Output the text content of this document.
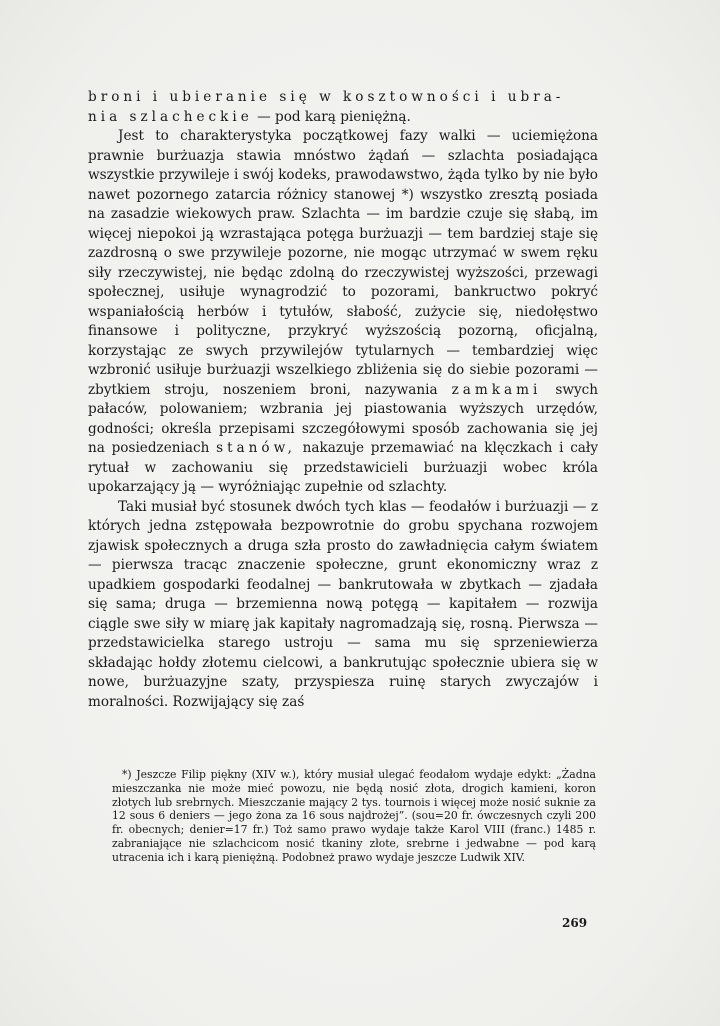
broni i ubieranie się w kosztowności i ubra-
nia szlacheckie — pod karą pieniężną.

Jest to charakterystyka początkowej fazy walki — uciemiężona prawnie burżuazja stawia mnóstwo żądań — szlachta posiadająca wszystkie przywileje i swój kodeks, prawodawstwo, żąda tylko by nie było nawet pozornego zatarcia różnicy stanowej *) wszystko zresztą posiada na zasadzie wiekowych praw. Szlachta — im bardzie czuje się słabą, im więcej niepokoi ją wzrastająca potęga burżuazji — tem bardziej staje się zazdrosną o swe przywileje pozorne, nie mogąc utrzymać w swem ręku siły rzeczywistej, nie będąc zdolną do rzeczywistej wyższości, przewagi społecznej, usiłuje wynagrodzić to pozorami, bankructwo pokryć wspaniałością herbów i tytułów, słabość, zużycie się, niedołęstwo finansowe i polityczne, przykryć wyższością pozorną, oficjalną, korzystając ze swych przywilejów tytularnych — tembardziej więc wzbronić usiłuje burżuazji wszelkiego zbliżenia się do siebie pozorami — zbytkiem stroju, noszeniem broni, nazywania zamkami swych pałaców, polowaniem; wzbrania jej piastowania wyższych urzędów, godności; określa przepisami szczegółowymi sposób zachowania się jej na posiedzeniach stanów, nakazuje przemawiać na klęczkach i cały rytuał w zachowaniu się przedstawicieli burżuazji wobec króla upokarzający ją — wyróżniając zupełnie od szlachty.

Taki musiał być stosunek dwóch tych klas — feodałów i burżuazji — z których jedna zstępowała bezpowrotnie do grobu spychana rozwojem zjawisk społecznych a druga szła prosto do zawładnięcia całym światem — pierwsza tracąc znaczenie społeczne, grunt ekonomiczny wraz z upadkiem gospodarki feodalnej — bankrutowała w zbytkach — zjadała się sama; druga — brzemienna nową potęgą — kapitałem — rozwija ciągle swe siły w miarę jak kapitały nagromadzają się, rosną. Pierwsza — przedstawicielka starego ustroju — sama mu się sprzeniewierza składając hołdy złotemu cielcowi, a bankrutując społecznie ubiera się w nowe, burżuazyjne szaty, przyspiesza ruinę starych zwyczajów i moralności. Rozwijający się zaś

*) Jeszcze Filip piękny (XIV w.), który musiał ulegać feodałom wydaje edykt: „Żadna mieszczanka nie może mieć powozu, nie będą nosić złota, drogich kamieni, koron złotych lub srebrnych. Mieszczanie mający 2 tys. tournois i więcej może nosić suknie za 12 sous 6 deniers — jego żona za 16 sous najdrożej”. (sou=20 fr. ówczesnych czyli 200 fr. obecnych; denier=17 fr.) Toż samo prawo wydaje także Karol VIII (franc.) 1485 r. zabraniające nie szlachcicom nosić tkaniny złote, srebrne i jedwabne — pod karą utracenia ich i karą pieniężną. Podobneż prawo wydaje jeszcze Ludwik XIV.

269
